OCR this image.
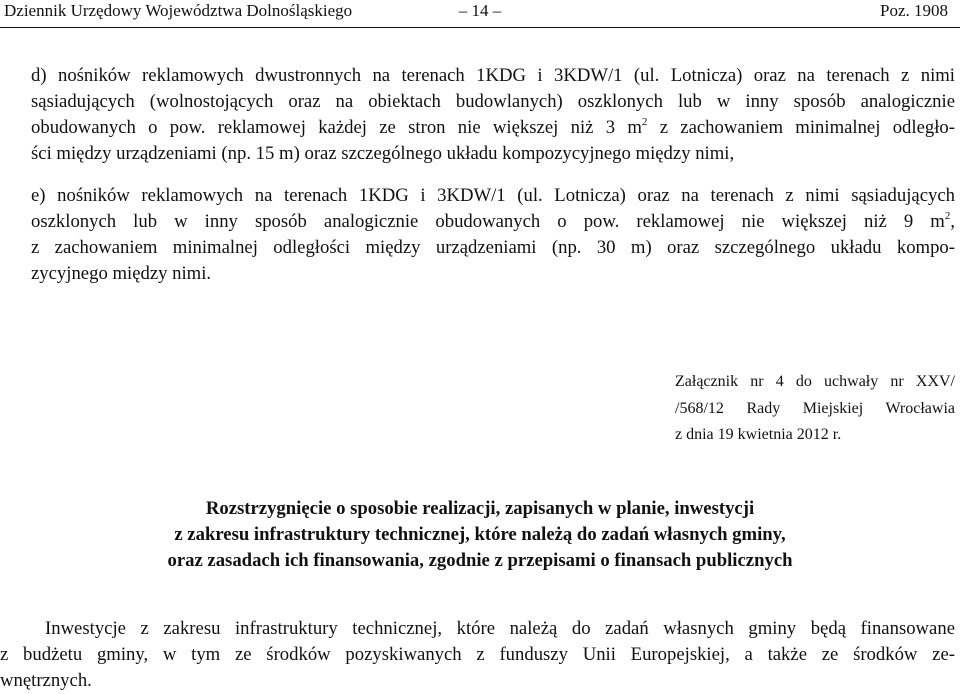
Dziennik Urzędowy Województwa Dolnośląskiego	– 14 –	Poz. 1908
d) nośników reklamowych dwustronnych na terenach 1KDG i 3KDW/1 (ul. Lotnicza) oraz na terenach z nimi
sąsiadujących (wolnostojących oraz na obiektach budowlanych) oszklonych lub w inny sposób analogicznie
obudowanych o pow. reklamowej każdej ze stron nie większej niż 3 $m^2$ z zachowaniem minimalnej odległo-
ści między urządzeniami (np. 15 m) oraz szczególnego układu kompozycyjnego między nimi,
e) nośników reklamowych na terenach 1KDG i 3KDW/1 (ul. Lotnicza) oraz na terenach z nimi sąsiadujących
oszklonych lub w inny sposób analogicznie obudowanych o pow. reklamowej nie większej niż 9 $m^2$,
z zachowaniem minimalnej odległości między urządzeniami (np. 30 m) oraz szczególnego układu kompo-
zycyjnego między nimi.
Załącznik nr 4 do uchwały nr XXV/
/568/12 Rady Miejskiej Wrocławia
z dnia 19 kwietnia 2012 r.
Rozstrzygnięcie o sposobie realizacji, zapisanych w planie, inwestycji
z zakresu infrastruktury technicznej, które należą do zadań własnych gminy,
oraz zasadach ich finansowania, zgodnie z przepisami o finansach publicznych
Inwestycje z zakresu infrastruktury technicznej, które należą do zadań własnych gminy będą finansowane
z budżetu gminy, w tym ze środków pozyskiwanych z funduszy Unii Europejskiej, a także ze środków ze-
wnętrznych.
